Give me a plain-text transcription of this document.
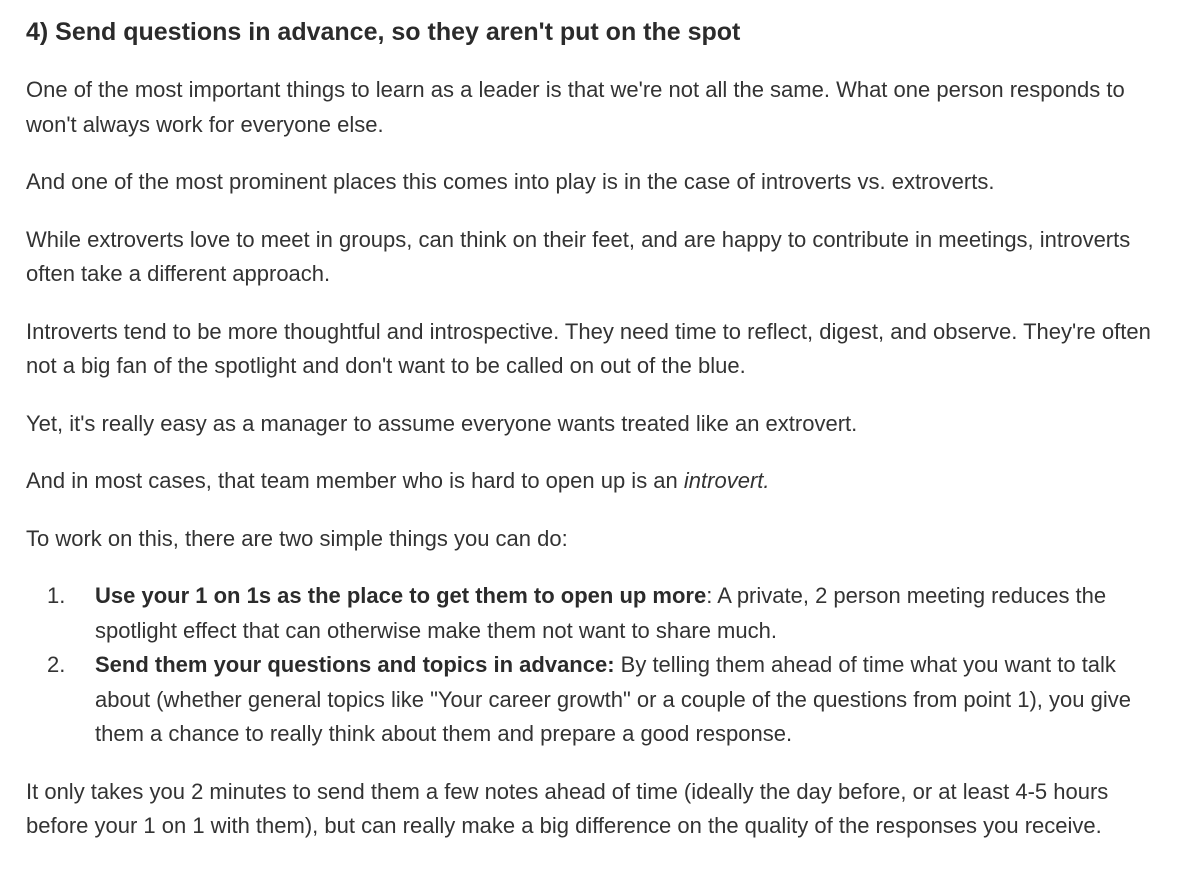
4) Send questions in advance, so they aren't put on the spot

One of the most important things to learn as a leader is that we're not all the same. What one person responds to won't always work for everyone else.

And one of the most prominent places this comes into play is in the case of introverts vs. extroverts.

While extroverts love to meet in groups, can think on their feet, and are happy to contribute in meetings, introverts often take a different approach.

Introverts tend to be more thoughtful and introspective. They need time to reflect, digest, and observe. They're often not a big fan of the spotlight and don't want to be called on out of the blue.

Yet, it's really easy as a manager to assume everyone wants treated like an extrovert.

And in most cases, that team member who is hard to open up is an introvert.

To work on this, there are two simple things you can do:

1. Use your 1 on 1s as the place to get them to open up more: A private, 2 person meeting reduces the spotlight effect that can otherwise make them not want to share much.
2. Send them your questions and topics in advance: By telling them ahead of time what you want to talk about (whether general topics like "Your career growth" or a couple of the questions from point 1), you give them a chance to really think about them and prepare a good response.

It only takes you 2 minutes to send them a few notes ahead of time (ideally the day before, or at least 4-5 hours before your 1 on 1 with them), but can really make a big difference on the quality of the responses you receive.
